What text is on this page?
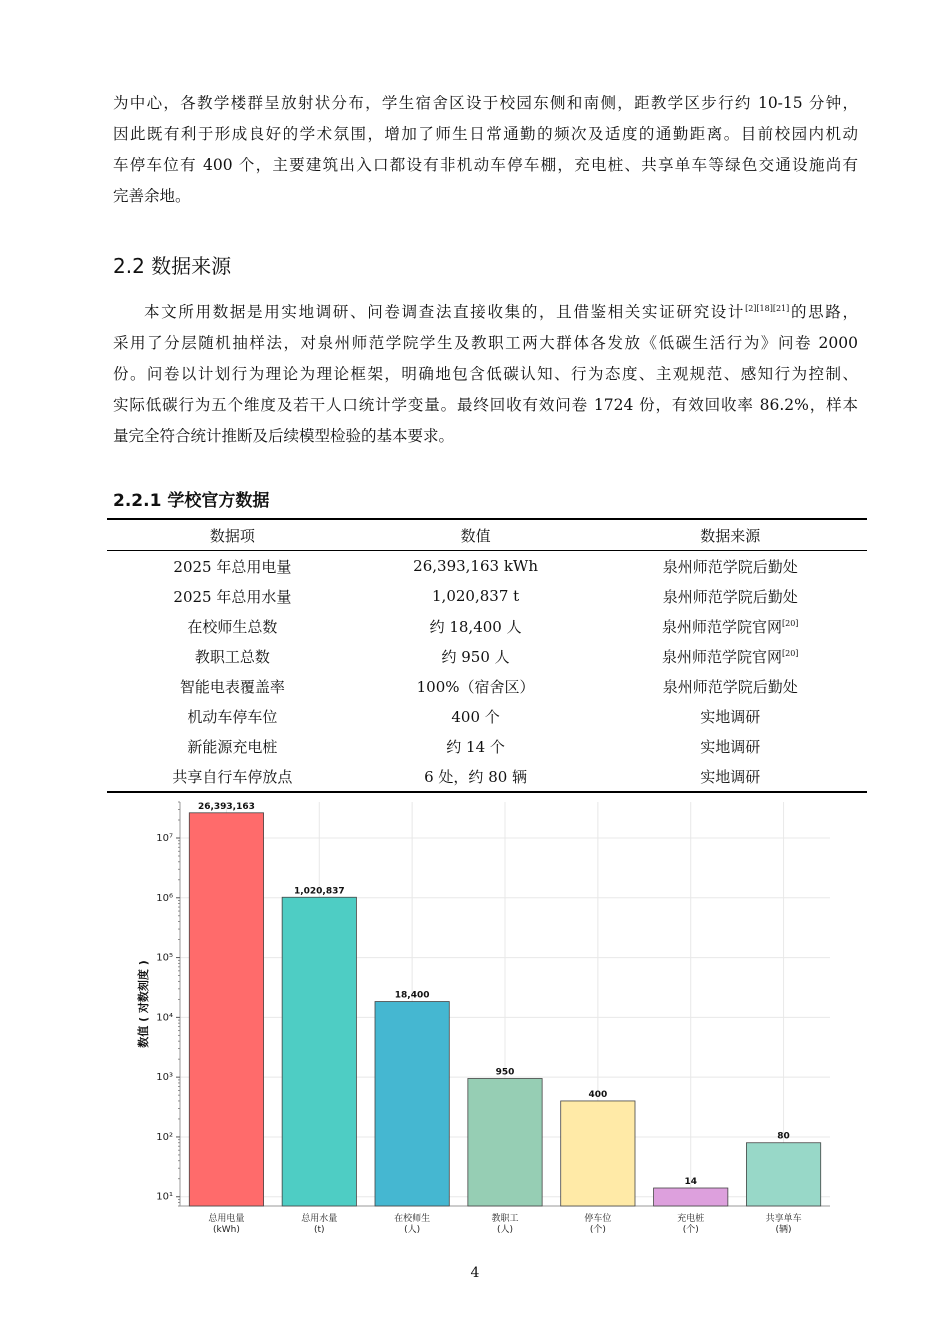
为中心，各教学楼群呈放射状分布，学生宿舍区设于校园东侧和南侧，距教学区步行约 10-15 分钟，
因此既有利于形成良好的学术氛围，增加了师生日常通勤的频次及适度的通勤距离。目前校园内机动
车停车位有 400 个，主要建筑出入口都设有非机动车停车棚，充电桩、共享单车等绿色交通设施尚有
完善余地。

2.2 数据来源

本文所用数据是用实地调研、问卷调查法直接收集的，且借鉴相关实证研究设计[2][18][21]的思路，
采用了分层随机抽样法，对泉州师范学院学生及教职工两大群体各发放《低碳生活行为》问卷 2000
份。问卷以计划行为理论为理论框架，明确地包含低碳认知、行为态度、主观规范、感知行为控制、
实际低碳行为五个维度及若干人口统计学变量。最终回收有效问卷 1724 份，有效回收率 86.2%，样本
量完全符合统计推断及后续模型检验的基本要求。

2.2.1 学校官方数据
数据项	数值	数据来源
2025 年总用电量	26,393,163 kWh	泉州师范学院后勤处
2025 年总用水量	1,020,837 t	泉州师范学院后勤处
在校师生总数	约 18,400 人	泉州师范学院官网[20]
教职工总数	约 950 人	泉州师范学院官网[20]
智能电表覆盖率	100%（宿舍区）	泉州师范学院后勤处
机动车停车位	400 个	实地调研
新能源充电桩	约 14 个	实地调研
共享自行车停放点	6 处，约 80 辆	实地调研
10¹
10²
10³
10⁴
10⁵
10⁶
10⁷
数值 ( 对数刻度 )
26,393,163
总用电量
(kWh)
1,020,837
总用水量
(t)
18,400
在校师生
(人)
950
教职工
(人)
400
停车位
(个)
14
充电桩
(个)
80
共享单车
(辆)
4
